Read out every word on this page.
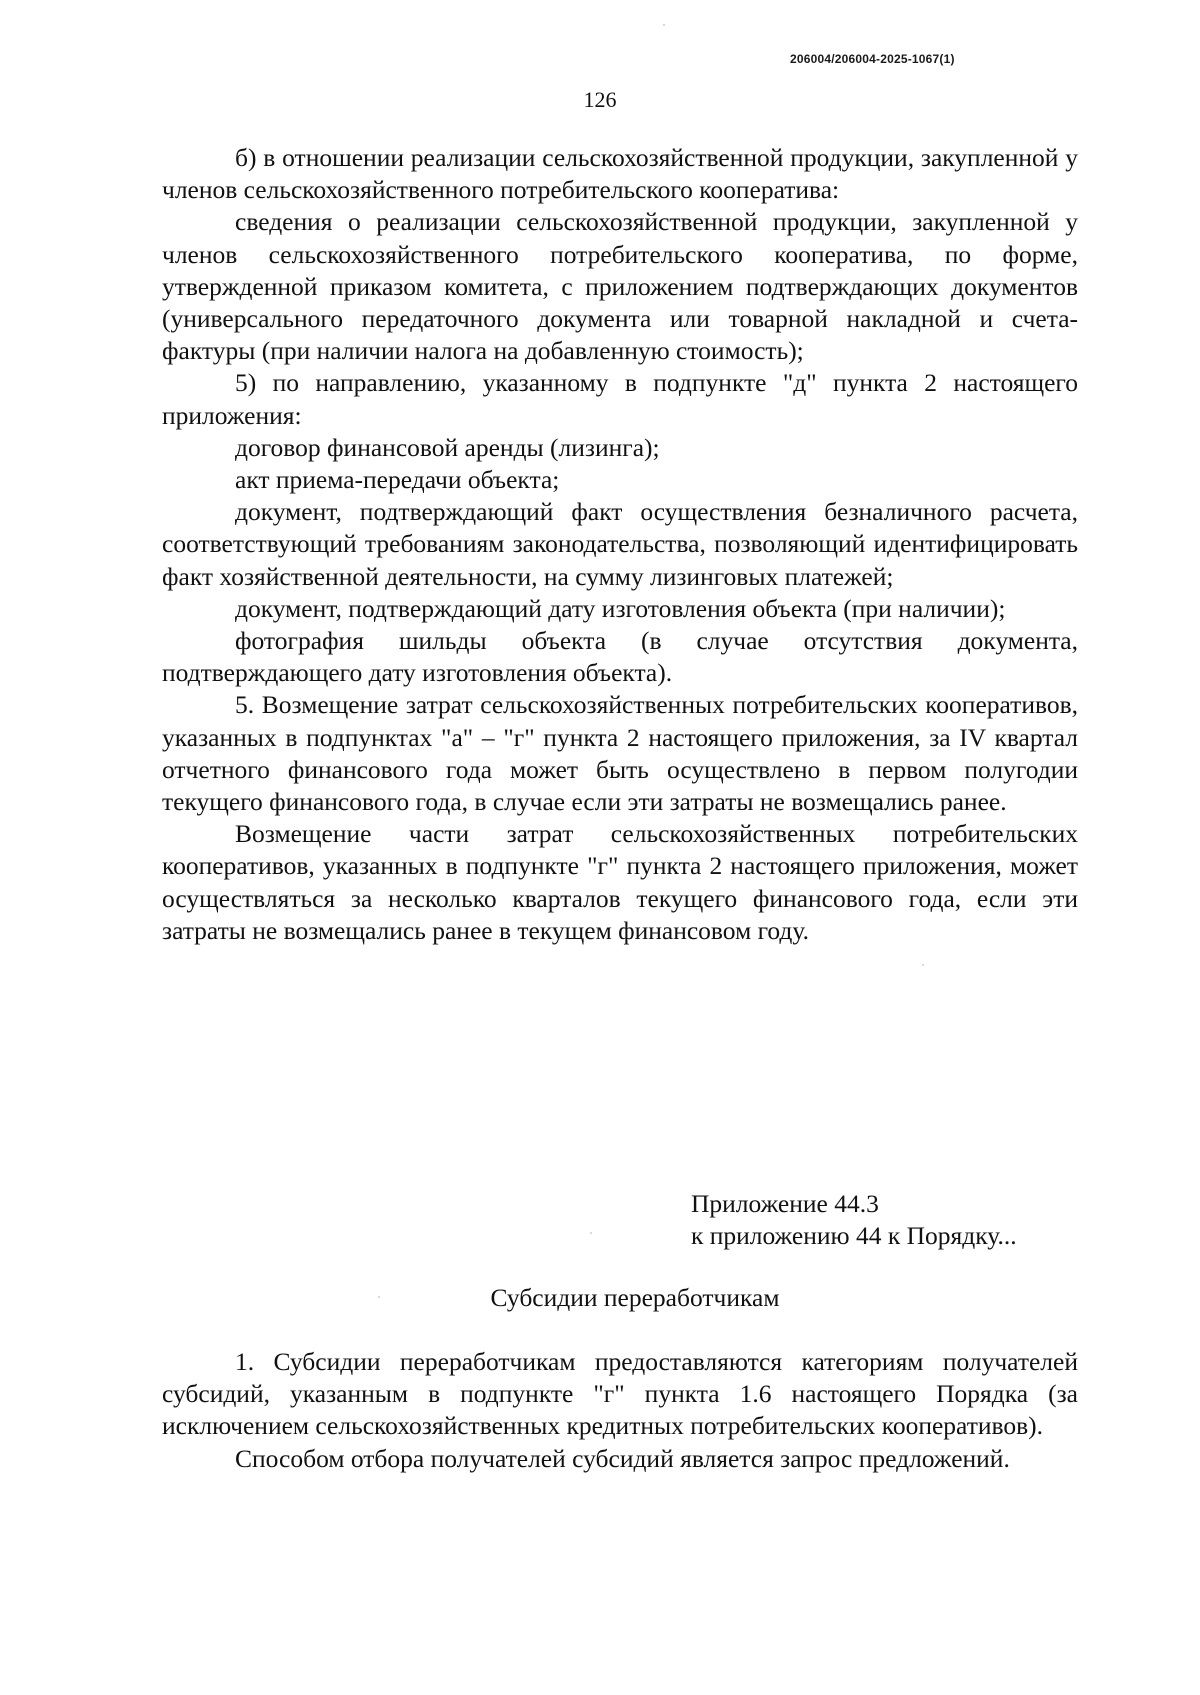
206004/206004-2025-1067(1)
126

б) в отношении реализации сельскохозяйственной продукции, закупленной у членов сельскохозяйственного потребительского кооператива:

сведения о реализации сельскохозяйственной продукции, закупленной у членов сельскохозяйственного потребительского кооператива, по форме, утвержденной приказом комитета, с приложением подтверждающих документов (универсального передаточного документа или товарной накладной и счета-фактуры (при наличии налога на добавленную стоимость);

5) по направлению, указанному в подпункте "д" пункта 2 настоящего приложения:

договор финансовой аренды (лизинга);

акт приема-передачи объекта;

документ, подтверждающий факт осуществления безналичного расчета, соответствующий требованиям законодательства, позволяющий идентифицировать факт хозяйственной деятельности, на сумму лизинговых платежей;

документ, подтверждающий дату изготовления объекта (при наличии);

фотография шильды объекта (в случае отсутствия документа, подтверждающего дату изготовления объекта).

5. Возмещение затрат сельскохозяйственных потребительских кооперативов, указанных в подпунктах "а" – "г" пункта 2 настоящего приложения, за IV квартал отчетного финансового года может быть осуществлено в первом полугодии текущего финансового года, в случае если эти затраты не возмещались ранее.

Возмещение части затрат сельскохозяйственных потребительских кооперативов, указанных в подпункте "г" пункта 2 настоящего приложения, может осуществляться за несколько кварталов текущего финансового года, если эти затраты не возмещались ранее в текущем финансовом году.

Приложение 44.3
к приложению 44 к Порядку...
Субсидии переработчикам

1. Субсидии переработчикам предоставляются категориям получателей субсидий, указанным в подпункте "г" пункта 1.6 настоящего Порядка (за исключением сельскохозяйственных кредитных потребительских кооперативов).

Способом отбора получателей субсидий является запрос предложений.
